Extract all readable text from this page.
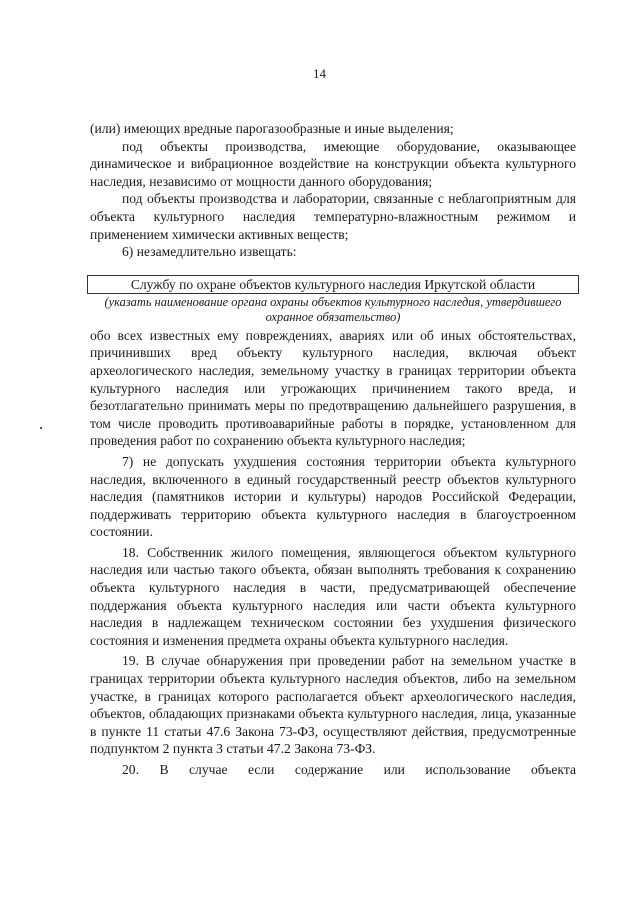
14

(или) имеющих вредные парогазообразные и иные выделения;

под объекты производства, имеющие оборудование, оказывающее динамическое и вибрационное воздействие на конструкции объекта культурного наследия, независимо от мощности данного оборудования;

под объекты производства и лаборатории, связанные с неблагоприятным для объекта культурного наследия температурно-влажностным режимом и применением химически активных веществ;

6) незамедлительно извещать:

Службу по охране объектов культурного наследия Иркутской области
(указать наименование органа охраны объектов культурного наследия, утвердившего охранное обязательство)

обо всех известных ему повреждениях, авариях или об иных обстоятельствах, причинивших вред объекту культурного наследия, включая объект археологического наследия, земельному участку в границах территории объекта культурного наследия или угрожающих причинением такого вреда, и безотлагательно принимать меры по предотвращению дальнейшего разрушения, в том числе проводить противоаварийные работы в порядке, установленном для проведения работ по сохранению объекта культурного наследия;

7) не допускать ухудшения состояния территории объекта культурного наследия, включенного в единый государственный реестр объектов культурного наследия (памятников истории и культуры) народов Российской Федерации, поддерживать территорию объекта культурного наследия в благоустроенном состоянии.

18. Собственник жилого помещения, являющегося объектом культурного наследия или частью такого объекта, обязан выполнять требования к сохранению объекта культурного наследия в части, предусматривающей обеспечение поддержания объекта культурного наследия или части объекта культурного наследия в надлежащем техническом состоянии без ухудшения физического состояния и изменения предмета охраны объекта культурного наследия.

19. В случае обнаружения при проведении работ на земельном участке в границах территории объекта культурного наследия объектов, либо на земельном участке, в границах которого располагается объект археологического наследия, объектов, обладающих признаками объекта культурного наследия, лица, указанные в пункте 11 статьи 47.6 Закона 73-ФЗ, осуществляют действия, предусмотренные подпунктом 2 пункта 3 статьи 47.2 Закона 73-ФЗ.

20. В случае если содержание или использование объекта
